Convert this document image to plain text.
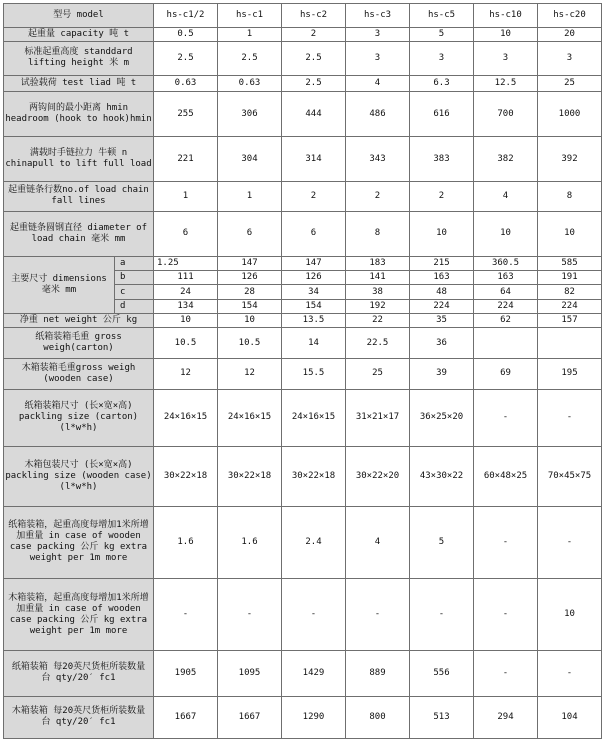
型号 model		hs-c1/2	hs-c1	hs-c2	hs-c3	hs-c5	hs-c10	hs-c20
起重量 capacity 吨 t		0.5	1	2	3	5	10	20
标准起重高度 standdard lifting height 米 m		2.5	2.5	2.5	3	3	3	3
试验载荷 test liad 吨 t		0.63	0.63	2.5	4	6.3	12.5	25
两钩间的最小距离 hmin headroom (hook to hook)hmin		255	306	444	486	616	700	1000
满载时手链拉力 牛顿 n chinapull to lift full load		221	304	314	343	383	382	392
起重链条行数no.of load chain fall lines		1	1	2	2	2	4	8
起重链条圆钢直径 diameter of load chain 毫米 mm		6	6	6	8	10	10	10
主要尺寸 dimensions 毫米 mm	a	1.25	147	147	183	215	360.5	585
	b	111	126	126	141	163	163	191
	c	24	28	34	38	48	64	82
	d	134	154	154	192	224	224	224
净重 net weight 公斤 kg		10	10	13.5	22	35	62	157
纸箱装箱毛重 gross weigh(carton)		10.5	10.5	14	22.5	36		
木箱装箱毛重gross weigh (wooden case)		12	12	15.5	25	39	69	195
纸箱装箱尺寸 (长×宽×高) packling size (carton) (l*w*h)		24×16×15	24×16×15	24×16×15	31×21×17	36×25×20	-	-
木箱包装尺寸 (长×宽×高) packling size (wooden case) (l*w*h)		30×22×18	30×22×18	30×22×18	30×22×20	43×30×22	60×48×25	70×45×75
纸箱装箱，起重高度每增加1米所增加重量 in case of wooden case packing 公斤 kg extra weight per 1m more		1.6	1.6	2.4	4	5	-	-
木箱装箱，起重高度每增加1米所增加重量 in case of wooden case packing 公斤 kg extra weight per 1m more		-	-	-	-	-	-	10
纸箱装箱 每20英尺货柜所装数量 台 qty/20′ fc1		1905	1095	1429	889	556	-	-
木箱装箱 每20英尺货柜所装数量 台 qty/20′ fc1		1667	1667	1290	800	513	294	104
